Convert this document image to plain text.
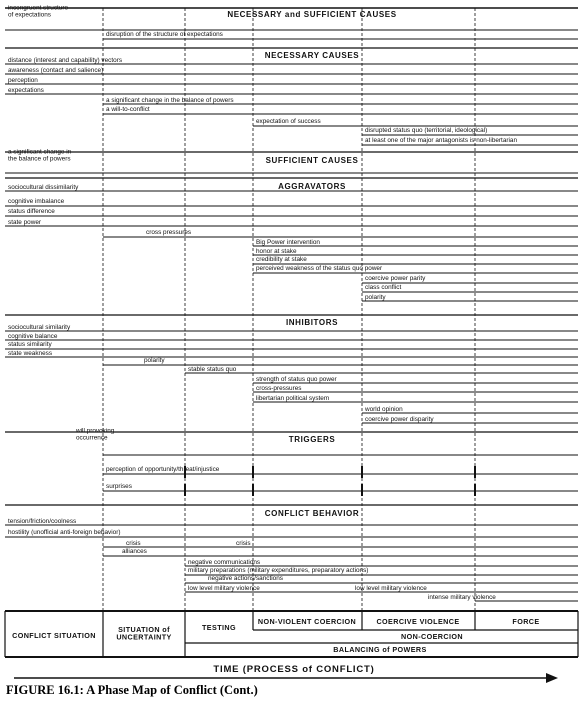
NECESSARY and SUFFICIENT CAUSES
NECESSARY CAUSES
SUFFICIENT CAUSES
AGGRAVATORS
INHIBITORS
TRIGGERS
CONFLICT BEHAVIOR
incongruent structure of expectations
disruption of the structure of expectations
distance (interest and capability) vectors
awareness (contact and salience)
perception
expectations
a significant change in the balance of powers
a will-to-conflict
expectation of success
disrupted status quo (territorial, ideological)
at least one of the major antagonists is non-libertarian
a significant change in the balance of powers
sociocultural dissimilarity
cognitive imbalance
status difference
state power
cross pressures
Big Power intervention
honor at stake
credibility at stake
perceived weakness of the status quo power
coercive power parity
class conflict
polarity
sociocultural similarity
cognitive balance
status similarity
state weakness
polarity
stable status quo
strength of status quo power
cross-pressures
libertarian political system
world opinion
coercive power disparity
will provoking occurrence
perception of opportunity/threat/injustice
surprises
tension/friction/coolness
hostility (unofficial anti-foreign behavior)
crisis	crisis
alliances
negative communications
military preparations (military expenditures, preparatory actions)
negative actions/sanctions
low level military violence	low level military violence
intense military violence
CONFLICT SITUATION
SITUATION of UNCERTAINTY
TESTING
NON-VIOLENT COERCION	COERCIVE VIOLENCE	FORCE
NON-COERCION
BALANCING of POWERS
TIME (PROCESS of CONFLICT)
FIGURE 16.1: A Phase Map of Conflict (Cont.)
